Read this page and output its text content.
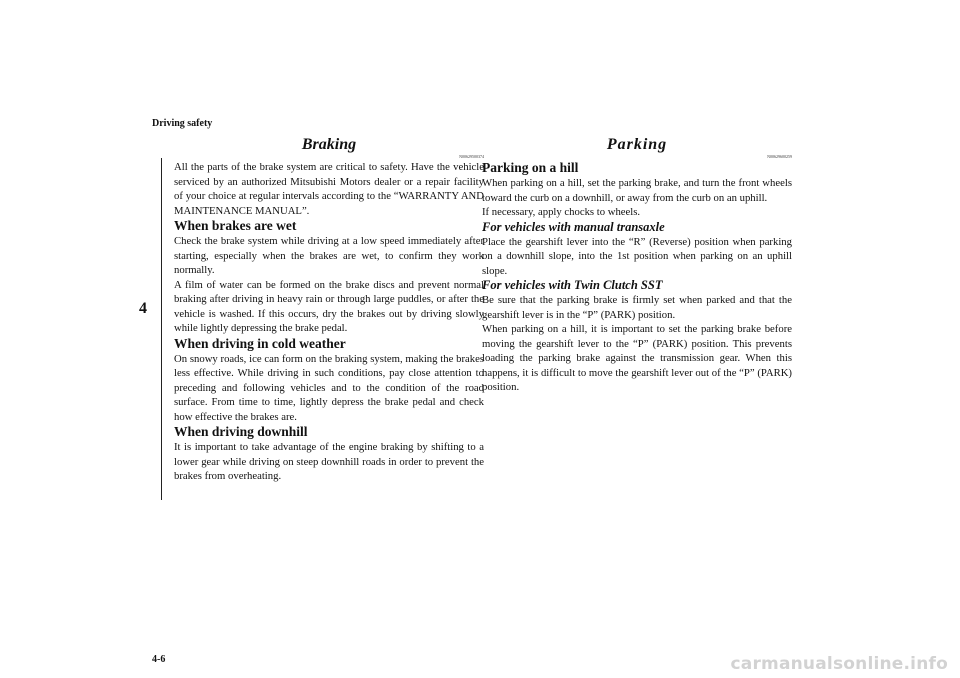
Driving safety
4

Braking

N00629500374

All the parts of the brake system are critical to safety. Have the vehicle serviced by an authorized Mitsubishi Motors dealer or a repair facility of your choice at regular intervals according to the “WARRANTY AND MAINTENANCE MANUAL”.

When brakes are wet

Check the brake system while driving at a low speed immediately after starting, especially when the brakes are wet, to confirm they work normally.

A film of water can be formed on the brake discs and prevent normal braking after driving in heavy rain or through large puddles, or after the vehicle is washed. If this occurs, dry the brakes out by driving slowly while lightly depressing the brake pedal.

When driving in cold weather

On snowy roads, ice can form on the braking system, making the brakes less effective. While driving in such conditions, pay close attention to preceding and following vehicles and to the condition of the road surface. From time to time, lightly depress the brake pedal and check how effective the brakes are.

When driving downhill

It is important to take advantage of the engine braking by shifting to a lower gear while driving on steep downhill roads in order to prevent the brakes from overheating.

Parking

N00629600259

Parking on a hill

When parking on a hill, set the parking brake, and turn the front wheels toward the curb on a downhill, or away from the curb on an uphill.

If necessary, apply chocks to wheels.

For vehicles with manual transaxle

Place the gearshift lever into the “R” (Reverse) position when parking on a downhill slope, into the 1st position when parking on an uphill slope.

For vehicles with Twin Clutch SST

Be sure that the parking brake is firmly set when parked and that the gearshift lever is in the “P” (PARK) position.

When parking on a hill, it is important to set the parking brake before moving the gearshift lever to the “P” (PARK) position. This prevents loading the parking brake against the transmission gear. When this happens, it is difficult to move the gearshift lever out of the “P” (PARK) position.

4-6	carmanualsonline.info
